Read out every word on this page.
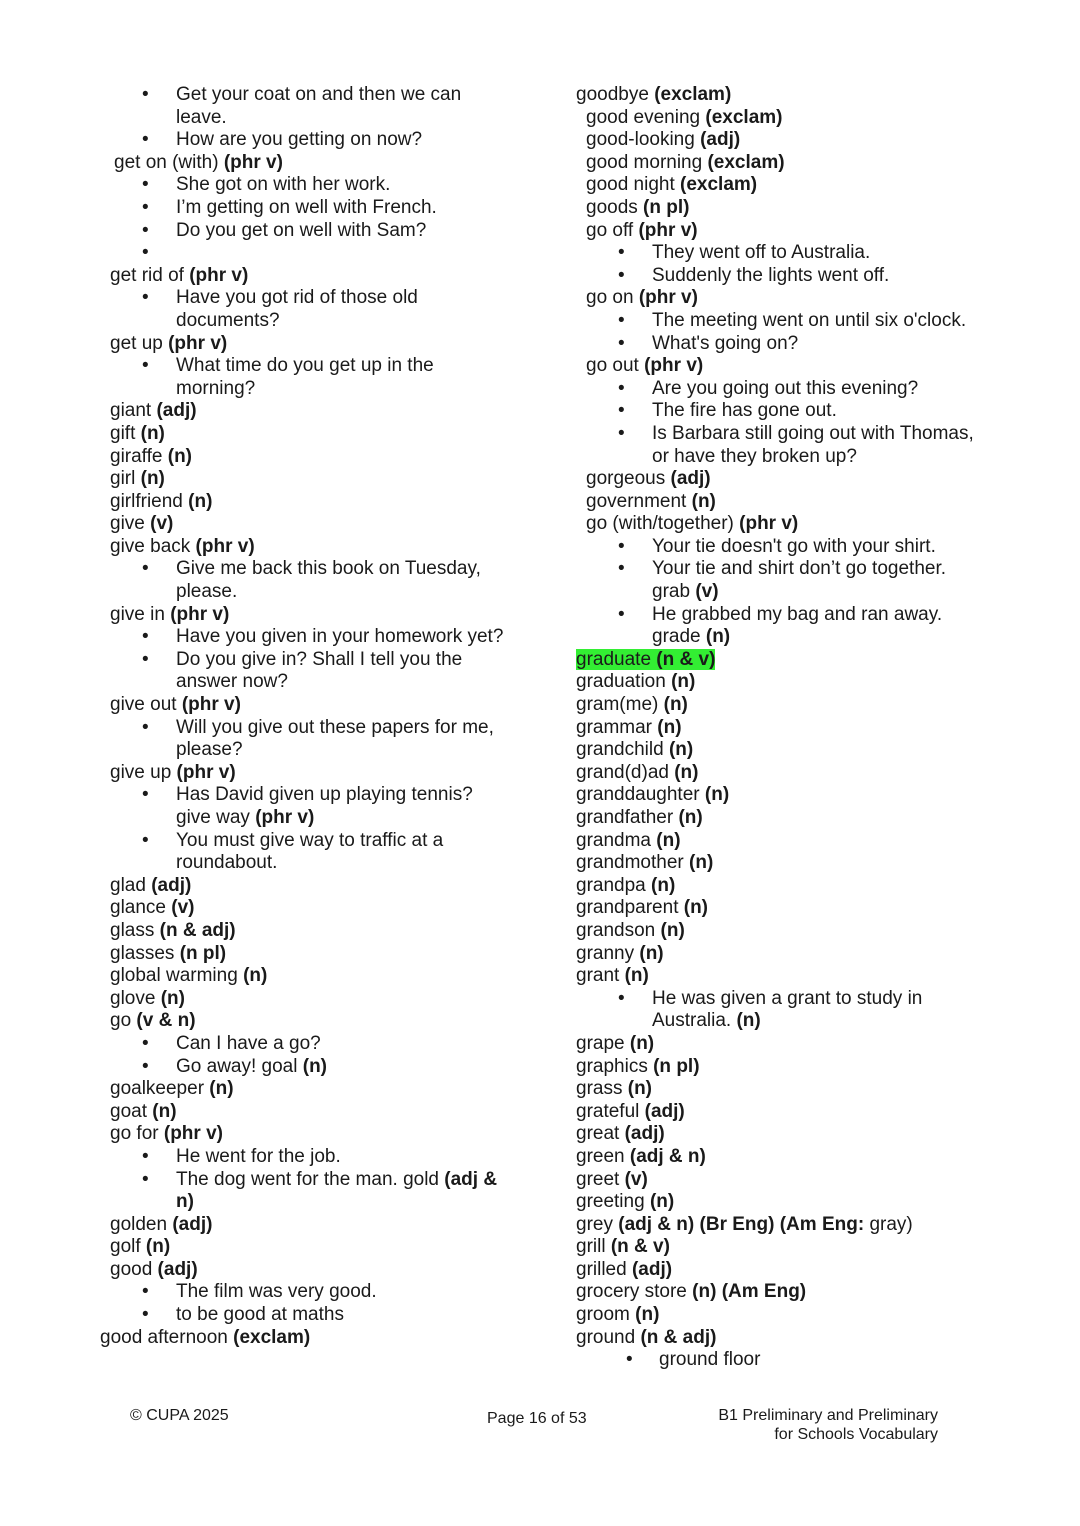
• Get your coat on and then we can
leave.
• How are you getting on now?
get on (with) (phr v)
• She got on with her work.
• I’m getting on well with French.
• Do you get on well with Sam?
•
get rid of (phr v)
• Have you got rid of those old
documents?
get up (phr v)
• What time do you get up in the
morning?
giant (adj)
gift (n)
giraffe (n)
girl (n)
girlfriend (n)
give (v)
give back (phr v)
• Give me back this book on Tuesday,
please.
give in (phr v)
• Have you given in your homework yet?
• Do you give in? Shall I tell you the
answer now?
give out (phr v)
• Will you give out these papers for me,
please?
give up (phr v)
• Has David given up playing tennis?
give way (phr v)
• You must give way to traffic at a
roundabout.
glad (adj)
glance (v)
glass (n & adj)
glasses (n pl)
global warming (n)
glove (n)
go (v & n)
• Can I have a go?
• Go away! goal (n)
goalkeeper (n)
goat (n)
go for (phr v)
• He went for the job.
• The dog went for the man. gold (adj &
n)
golden (adj)
golf (n)
good (adj)
• The film was very good.
• to be good at maths
good afternoon (exclam)
goodbye (exclam)
good evening (exclam)
good-looking (adj)
good morning (exclam)
good night (exclam)
goods (n pl)
go off (phr v)
• They went off to Australia.
• Suddenly the lights went off.
go on (phr v)
• The meeting went on until six o'clock.
• What's going on?
go out (phr v)
• Are you going out this evening?
• The fire has gone out.
• Is Barbara still going out with Thomas,
or have they broken up?
gorgeous (adj)
government (n)
go (with/together) (phr v)
• Your tie doesn't go with your shirt.
• Your tie and shirt don’t go together.
grab (v)
• He grabbed my bag and ran away.
grade (n)
graduate (n & v)
graduation (n)
gram(me) (n)
grammar (n)
grandchild (n)
grand(d)ad (n)
granddaughter (n)
grandfather (n)
grandma (n)
grandmother (n)
grandpa (n)
grandparent (n)
grandson (n)
granny (n)
grant (n)
• He was given a grant to study in
Australia. (n)
grape (n)
graphics (n pl)
grass (n)
grateful (adj)
great (adj)
green (adj & n)
greet (v)
greeting (n)
grey (adj & n) (Br Eng) (Am Eng: gray)
grill (n & v)
grilled (adj)
grocery store (n) (Am Eng)
groom (n)
ground (n & adj)
• ground floor
© CUPA 2025	Page 16 of 53	B1 Preliminary and Preliminary
for Schools Vocabulary
